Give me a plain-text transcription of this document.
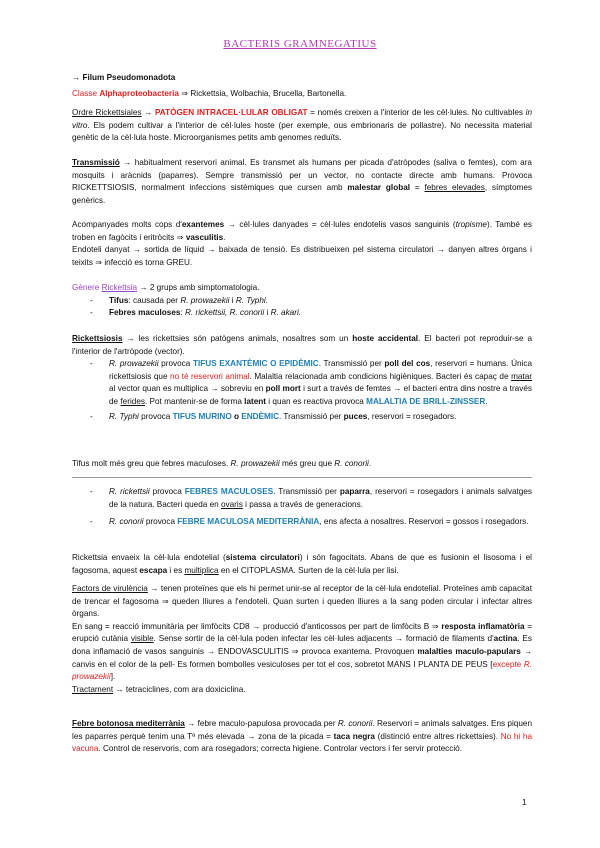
BACTERIS GRAMNEGATIUS

→ Filum Pseudomonadota

Classe Alphaproteobacteria ⇒ Rickettsia, Wolbachia, Brucella, Bartonella.

Ordre Rickettsiales → PATÒGEN INTRACEL·LULAR OBLIGAT = només creixen a l'interior de les cèl·lules. No cultivables in vitro. Els podem cultivar a l'interior de cèl·lules hoste (per exemple, ous embrionaris de pollastre). No necessita material genètic de la cèl·lula hoste. Microorganismes petits amb genomes reduïts.

Transmissió → habitualment reservori animal. Es transmet als humans per picada d'atròpodes (saliva o femtes), com ara mosquits i aràcnids (paparres). Sempre transmissió per un vector, no contacte directe amb humans. Provoca RICKETTSIOSIS, normalment infeccions sistèmiques que cursen amb malestar global = febres elevades, símptomes genèrics.

Acompanyades molts cops d'exantemes → cèl·lules danyades = cèl·lules endotelis vasos sanguinis (tropisme). També es troben en fagòcits i eritròcits ⇒ vasculitis.
Endoteli danyat → sortida de líquid → baixada de tensió. Es distribueixen pel sistema circulatori → danyen altres òrgans i teixits ⇒ infecció es torna GREU.

Gènere Rickettsia → 2 grups amb simptomatologia.

- Tifus: causada per R. prowazekii i R. Typhi.
- Febres maculoses: R. rickettsii, R. conorii i R. akari.

Rickettsiosis → les rickettsies són patògens animals, nosaltres som un hoste accidental. El bacteri pot reproduir-se a l'interior de l'artròpode (vector).

- R. prowazekii provoca TIFUS EXANTÈMIC O EPIDÈMIC. Transmissió per poll del cos, reservori = humans. Única rickettsiosis que no té reservori animal. Malaltia relacionada amb condicions higièniques. Bacteri és capaç de matar al vector quan es multiplica → sobreviu en poll mort i surt a través de femtes → el bacteri entra dins nostre a través de ferides. Pot mantenir-se de forma latent i quan es reactiva provoca MALALTIA DE BRILL-ZINSSER.
- R. Typhi provoca TIFUS MURINO o ENDÈMIC. Transmissió per puces, reservori = rosegadors.

Tifus molt més greu que febres maculoses. R. prowazekii més greu que R. conorii.

- R. rickettsii provoca FEBRES MACULOSES. Transmissió per paparra, reservori = rosegadors i animals salvatges de la natura. Bacteri queda en ovaris i passa a través de generacions.
- R. conorii provoca FEBRE MACULOSA MEDITERRÀNIA, ens afecta a nosaltres. Reservori = gossos i rosegadors.

Rickettsia envaeix la cèl·lula endotelial (sistema circulatori) i són fagocitats. Abans de que es fusionin el lisosoma i el fagosoma, aquest escapa i es multiplica en el CITOPLASMA. Surten de la cèl·lula per lisi.

Factors de virulència → tenen proteïnes que els hi permet unir-se al receptor de la cèl·lula endotelial. Proteïnes amb capacitat de trencar el fagosoma ⇒ queden lliures a l'endoteli. Quan surten i queden lliures a la sang poden circular i infectar altres òrgans.
En sang = reacció immunitària per limfòcits CD8 → producció d'anticossos per part de limfòcits B ⇒ resposta inflamatòria = erupció cutània visible. Sense sortir de la cèl·lula poden infectar les cèl·lules adjacents → formació de filaments d'actina. Es dona inflamació de vasos sanguinis → ENDOVASCULITIS ⇒ provoca exantema. Provoquen malalties maculo-papulars → canvis en el color de la pell- Es formen bombolles vesiculoses per tot el cos, sobretot MANS I PLANTA DE PEUS [excepte R. prowazekii].
Tractament → tetraciclines, com ara doxiciclina.

Febre botonosa mediterrània → febre maculo-papulosa provocada per R. conorii. Reservori = animals salvatges. Ens piquen les paparres perquè tenim una Tª més elevada → zona de la picada = taca negra (distinció entre altres rickettsies). No hi ha vacuna. Control de reservoris, com ara rosegadors; correcta higiene. Controlar vectors i fer servir protecció.

1
